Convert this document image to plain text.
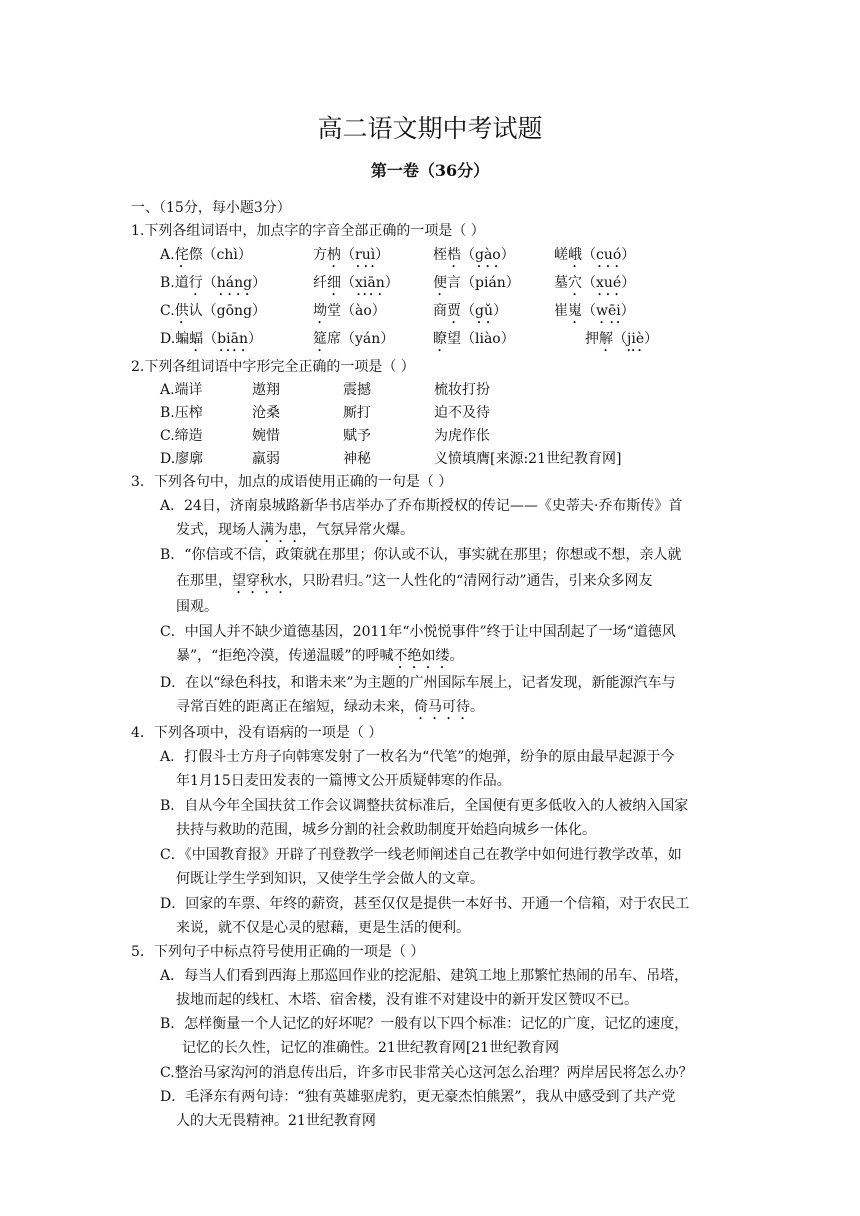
高二语文期中考试题
第一卷（36分）
一、（15分，每小题3分）
1.下列各组词语中，加点字的字音全部正确的一项是（ ）
A.侘傺（chì）	方枘（ruì）	桎梏（gào）	嵯峨（cuó）
B.道行（háng）	纤细（xiān） 便言（pián） 墓穴（xué）
C.供认（gōng）	坳堂（ào）	商贾（gǔ）	崔嵬（wēi）
D.蝙蝠（biān）	筵席（yán）	瞭望（liào）	押解（jiè）
2.下列各组词语中字形完全正确的一项是（ ）
A.端详	遨翔	震撼	梳妆打扮
B.压榨	沧桑	厮打	迫不及待
C.缔造	婉惜	赋予	为虎作伥
D.廖廓	羸弱	神秘	义愤填膺[来源:21世纪教育网]
3．下列各句中，加点的成语使用正确的一句是（ ）
A．24日，济南泉城路新华书店举办了乔布斯授权的传记——《史蒂夫·乔布斯传》首
发式，现场人满为患，气氛异常火爆。
B．“你信或不信，政策就在那里；你认或不认，事实就在那里；你想或不想，亲人就
在那里，望穿秋水，只盼君归。”这一人性化的“清网行动”通告，引来众多网友
围观。
C．中国人并不缺少道德基因，2011年“小悦悦事件”终于让中国刮起了一场“道德风
暴”，“拒绝冷漠，传递温暖”的呼喊不绝如缕。
D．在以“绿色科技，和谐未来”为主题的广州国际车展上，记者发现，新能源汽车与
寻常百姓的距离正在缩短，绿动未来，倚马可待。
4．下列各项中，没有语病的一项是（ ）
A．打假斗士方舟子向韩寒发射了一枚名为“代笔”的炮弹，纷争的原由最早起源于今
年1月15日麦田发表的一篇博文公开质疑韩寒的作品。
B．自从今年全国扶贫工作会议调整扶贫标准后，全国便有更多低收入的人被纳入国家
扶持与救助的范围，城乡分割的社会救助制度开始趋向城乡一体化。
C．《中国教育报》开辟了刊登教学一线老师阐述自己在教学中如何进行教学改革，如
何既让学生学到知识，又使学生学会做人的文章。
D．回家的车票、年终的薪资，甚至仅仅是提供一本好书、开通一个信箱，对于农民工
来说，就不仅是心灵的慰藉，更是生活的便利。
5．下列句子中标点符号使用正确的一项是（ ）
A．每当人们看到西海上那巡回作业的挖泥船、建筑工地上那繁忙热闹的吊车、吊塔，
拔地而起的线杠、木塔、宿舍楼，没有谁不对建设中的新开发区赞叹不已。
B．怎样衡量一个人记忆的好坏呢？一般有以下四个标准：记忆的广度，记忆的速度，
记忆的长久性，记忆的准确性。21世纪教育网[21世纪教育网
C.整治马家沟河的消息传出后，许多市民非常关心这河怎么治理？两岸居民将怎么办？
D．毛泽东有两句诗：“独有英雄驱虎豹，更无豪杰怕熊罴”，我从中感受到了共产党
人的大无畏精神。21世纪教育网
